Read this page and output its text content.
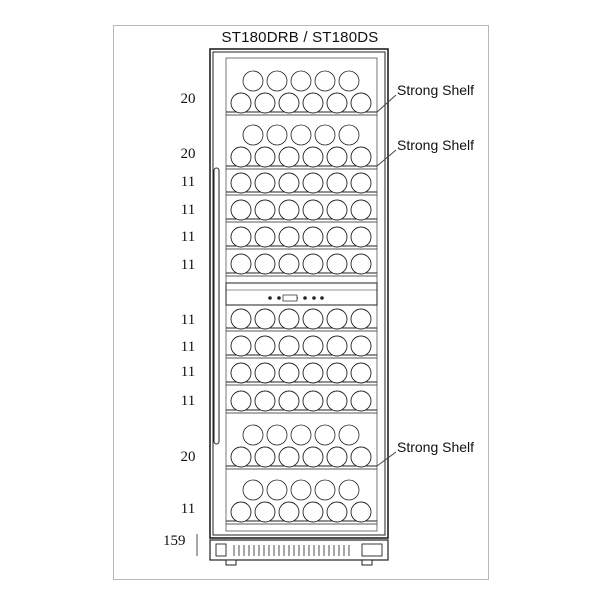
ST180DRB / ST180DS
20
20
11
11
11
11
11
11
11
11
20
11
Strong Shelf
Strong Shelf
Strong Shelf
159
